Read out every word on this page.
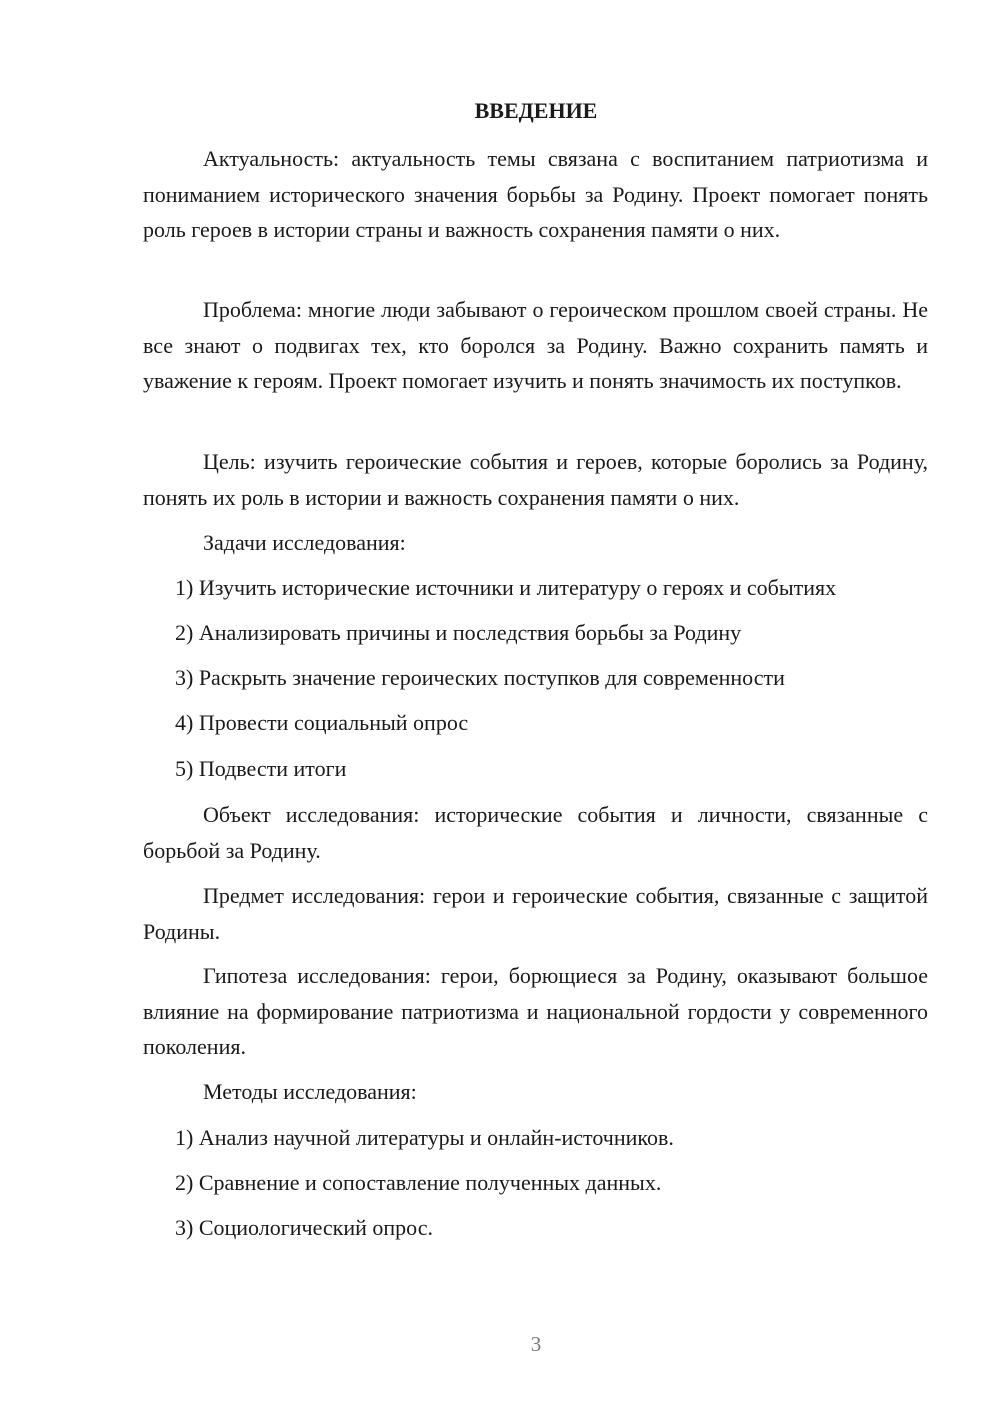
ВВЕДЕНИЕ

Актуальность: актуальность темы связана с воспитанием патриотизма и пониманием исторического значения борьбы за Родину. Проект помогает понять роль героев в истории страны и важность сохранения памяти о них.

Проблема: многие люди забывают о героическом прошлом своей страны. Не все знают о подвигах тех, кто боролся за Родину. Важно сохранить память и уважение к героям. Проект помогает изучить и понять значимость их поступков.

Цель: изучить героические события и героев, которые боролись за Родину, понять их роль в истории и важность сохранения памяти о них.

Задачи исследования:

1) Изучить исторические источники и литературу о героях и событиях

2) Анализировать причины и последствия борьбы за Родину

3) Раскрыть значение героических поступков для современности

4) Провести социальный опрос

5) Подвести итоги

Объект исследования: исторические события и личности, связанные с борьбой за Родину.

Предмет исследования: герои и героические события, связанные с защитой Родины.

Гипотеза исследования: герои, борющиеся за Родину, оказывают большое влияние на формирование патриотизма и национальной гордости у современного поколения.

Методы исследования:

1) Анализ научной литературы и онлайн-источников.

2) Сравнение и сопоставление полученных данных.

3) Социологический опрос.

3
